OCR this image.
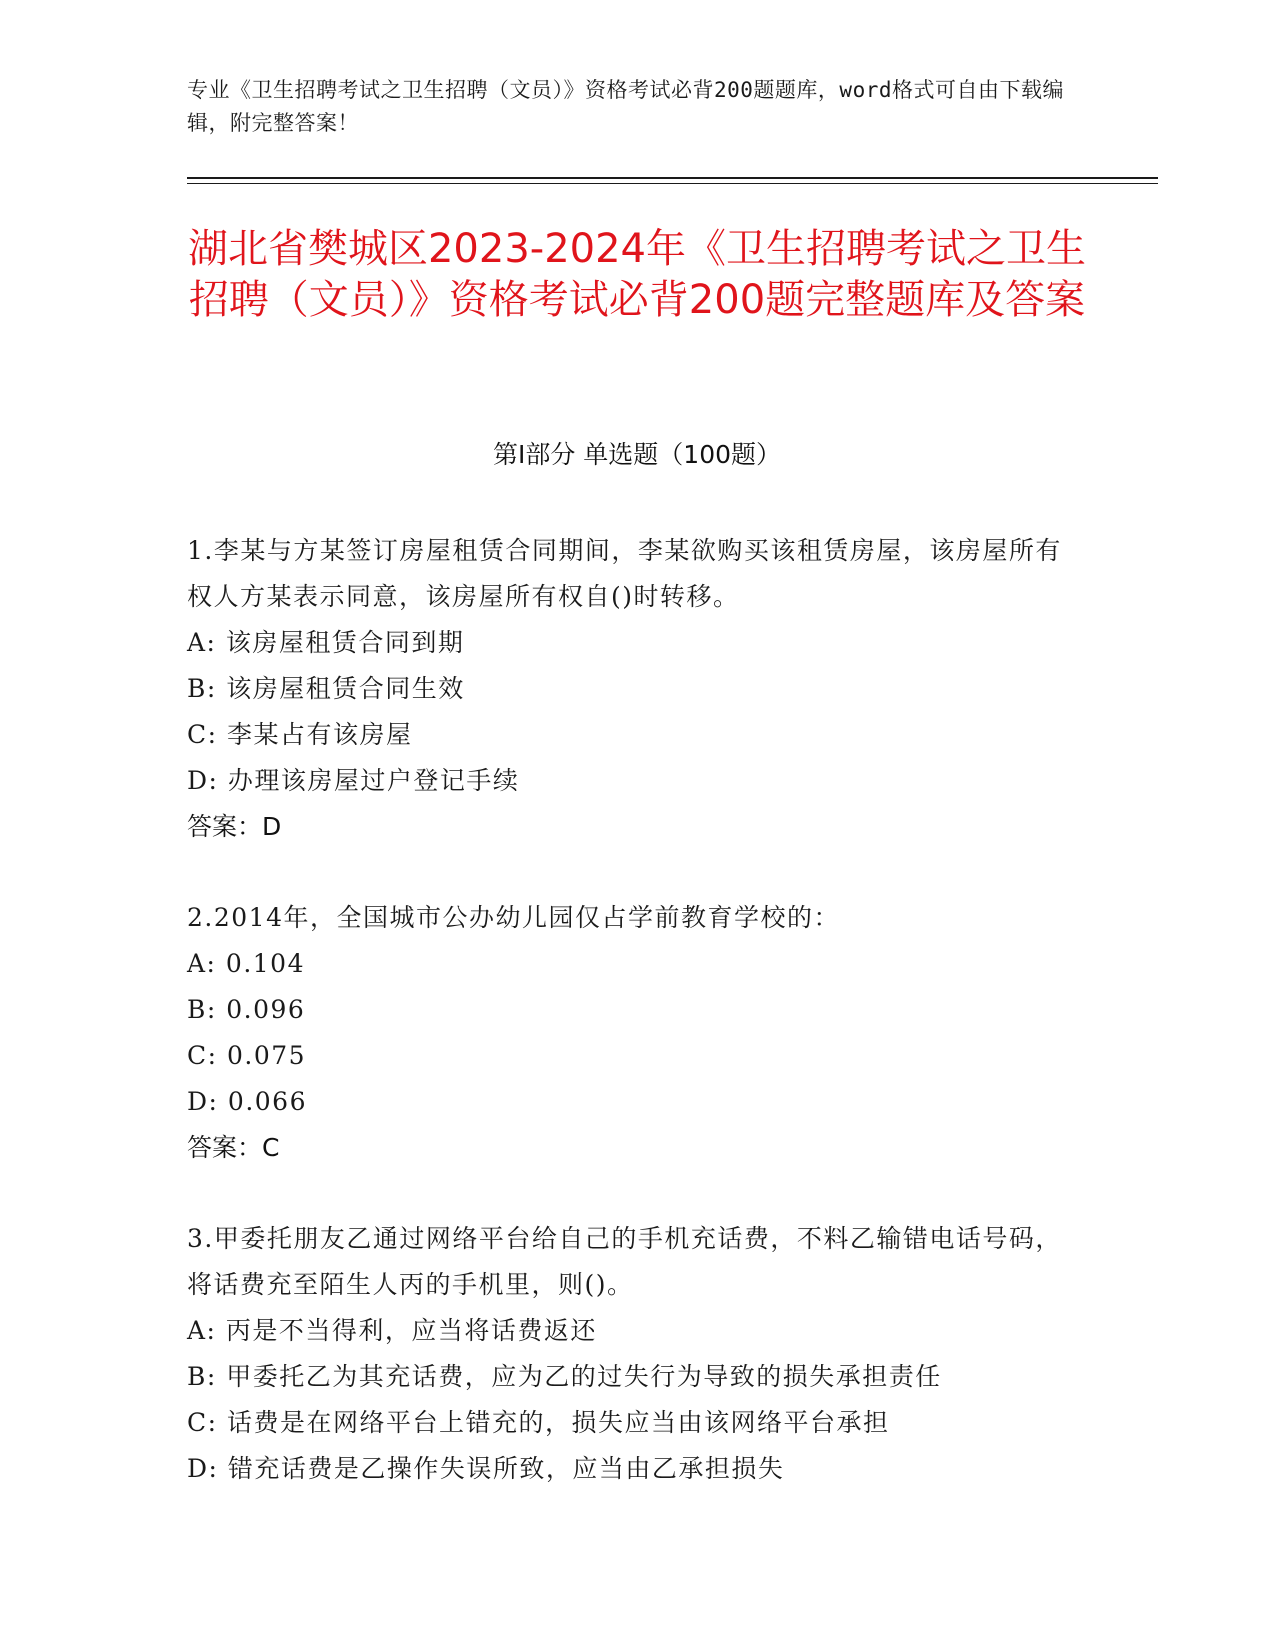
专业《卫生招聘考试之卫生招聘（文员）》资格考试必背200题题库，word格式可自由下载编辑，附完整答案！
湖北省樊城区2023-2024年《卫生招聘考试之卫生招聘（文员）》资格考试必背200题完整题库及答案
第I部分 单选题（100题）

1.李某与方某签订房屋租赁合同期间，李某欲购买该租赁房屋，该房屋所有权人方某表示同意，该房屋所有权自()时转移。

A: 该房屋租赁合同到期

B: 该房屋租赁合同生效

C: 李某占有该房屋

D: 办理该房屋过户登记手续

答案：D

2.2014年，全国城市公办幼儿园仅占学前教育学校的：

A: 0.104

B: 0.096

C: 0.075

D: 0.066

答案：C

3.甲委托朋友乙通过网络平台给自己的手机充话费，不料乙输错电话号码，将话费充至陌生人丙的手机里，则()。

A: 丙是不当得利，应当将话费返还

B: 甲委托乙为其充话费，应为乙的过失行为导致的损失承担责任

C: 话费是在网络平台上错充的，损失应当由该网络平台承担

D: 错充话费是乙操作失误所致，应当由乙承担损失
